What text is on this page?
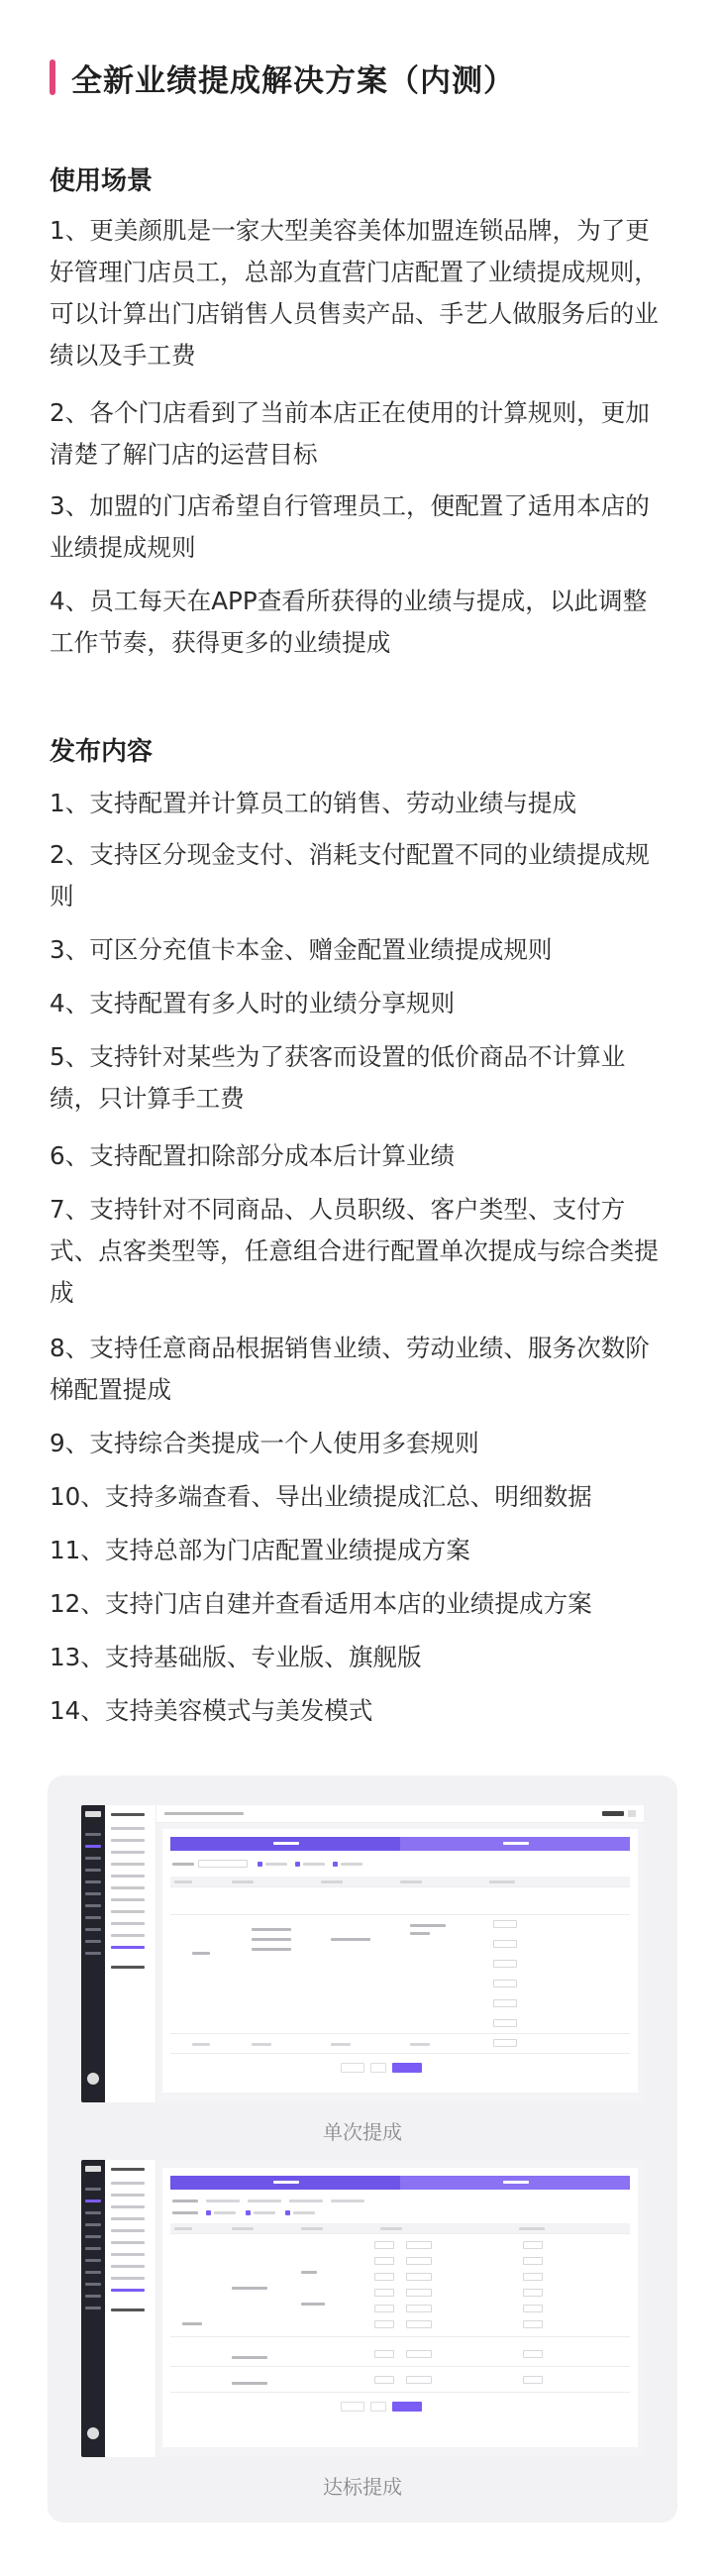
全新业绩提成解决方案（内测）
使用场景

1、更美颜肌是一家大型美容美体加盟连锁品牌，为了更
好管理门店员工，总部为直营门店配置了业绩提成规则，
可以计算出门店销售人员售卖产品、手艺人做服务后的业
绩以及手工费

2、各个门店看到了当前本店正在使用的计算规则，更加
清楚了解门店的运营目标

3、加盟的门店希望自行管理员工，便配置了适用本店的
业绩提成规则

4、员工每天在APP查看所获得的业绩与提成，以此调整
工作节奏，获得更多的业绩提成

发布内容

1、支持配置并计算员工的销售、劳动业绩与提成

2、支持区分现金支付、消耗支付配置不同的业绩提成规
则

3、可区分充值卡本金、赠金配置业绩提成规则

4、支持配置有多人时的业绩分享规则

5、支持针对某些为了获客而设置的低价商品不计算业
绩，只计算手工费

6、支持配置扣除部分成本后计算业绩

7、支持针对不同商品、人员职级、客户类型、支付方
式、点客类型等，任意组合进行配置单次提成与综合类提
成

8、支持任意商品根据销售业绩、劳动业绩、服务次数阶
梯配置提成

9、支持综合类提成一个人使用多套规则

10、支持多端查看、导出业绩提成汇总、明细数据

11、支持总部为门店配置业绩提成方案

12、支持门店自建并查看适用本店的业绩提成方案

13、支持基础版、专业版、旗舰版

14、支持美容模式与美发模式

单次提成
达标提成
